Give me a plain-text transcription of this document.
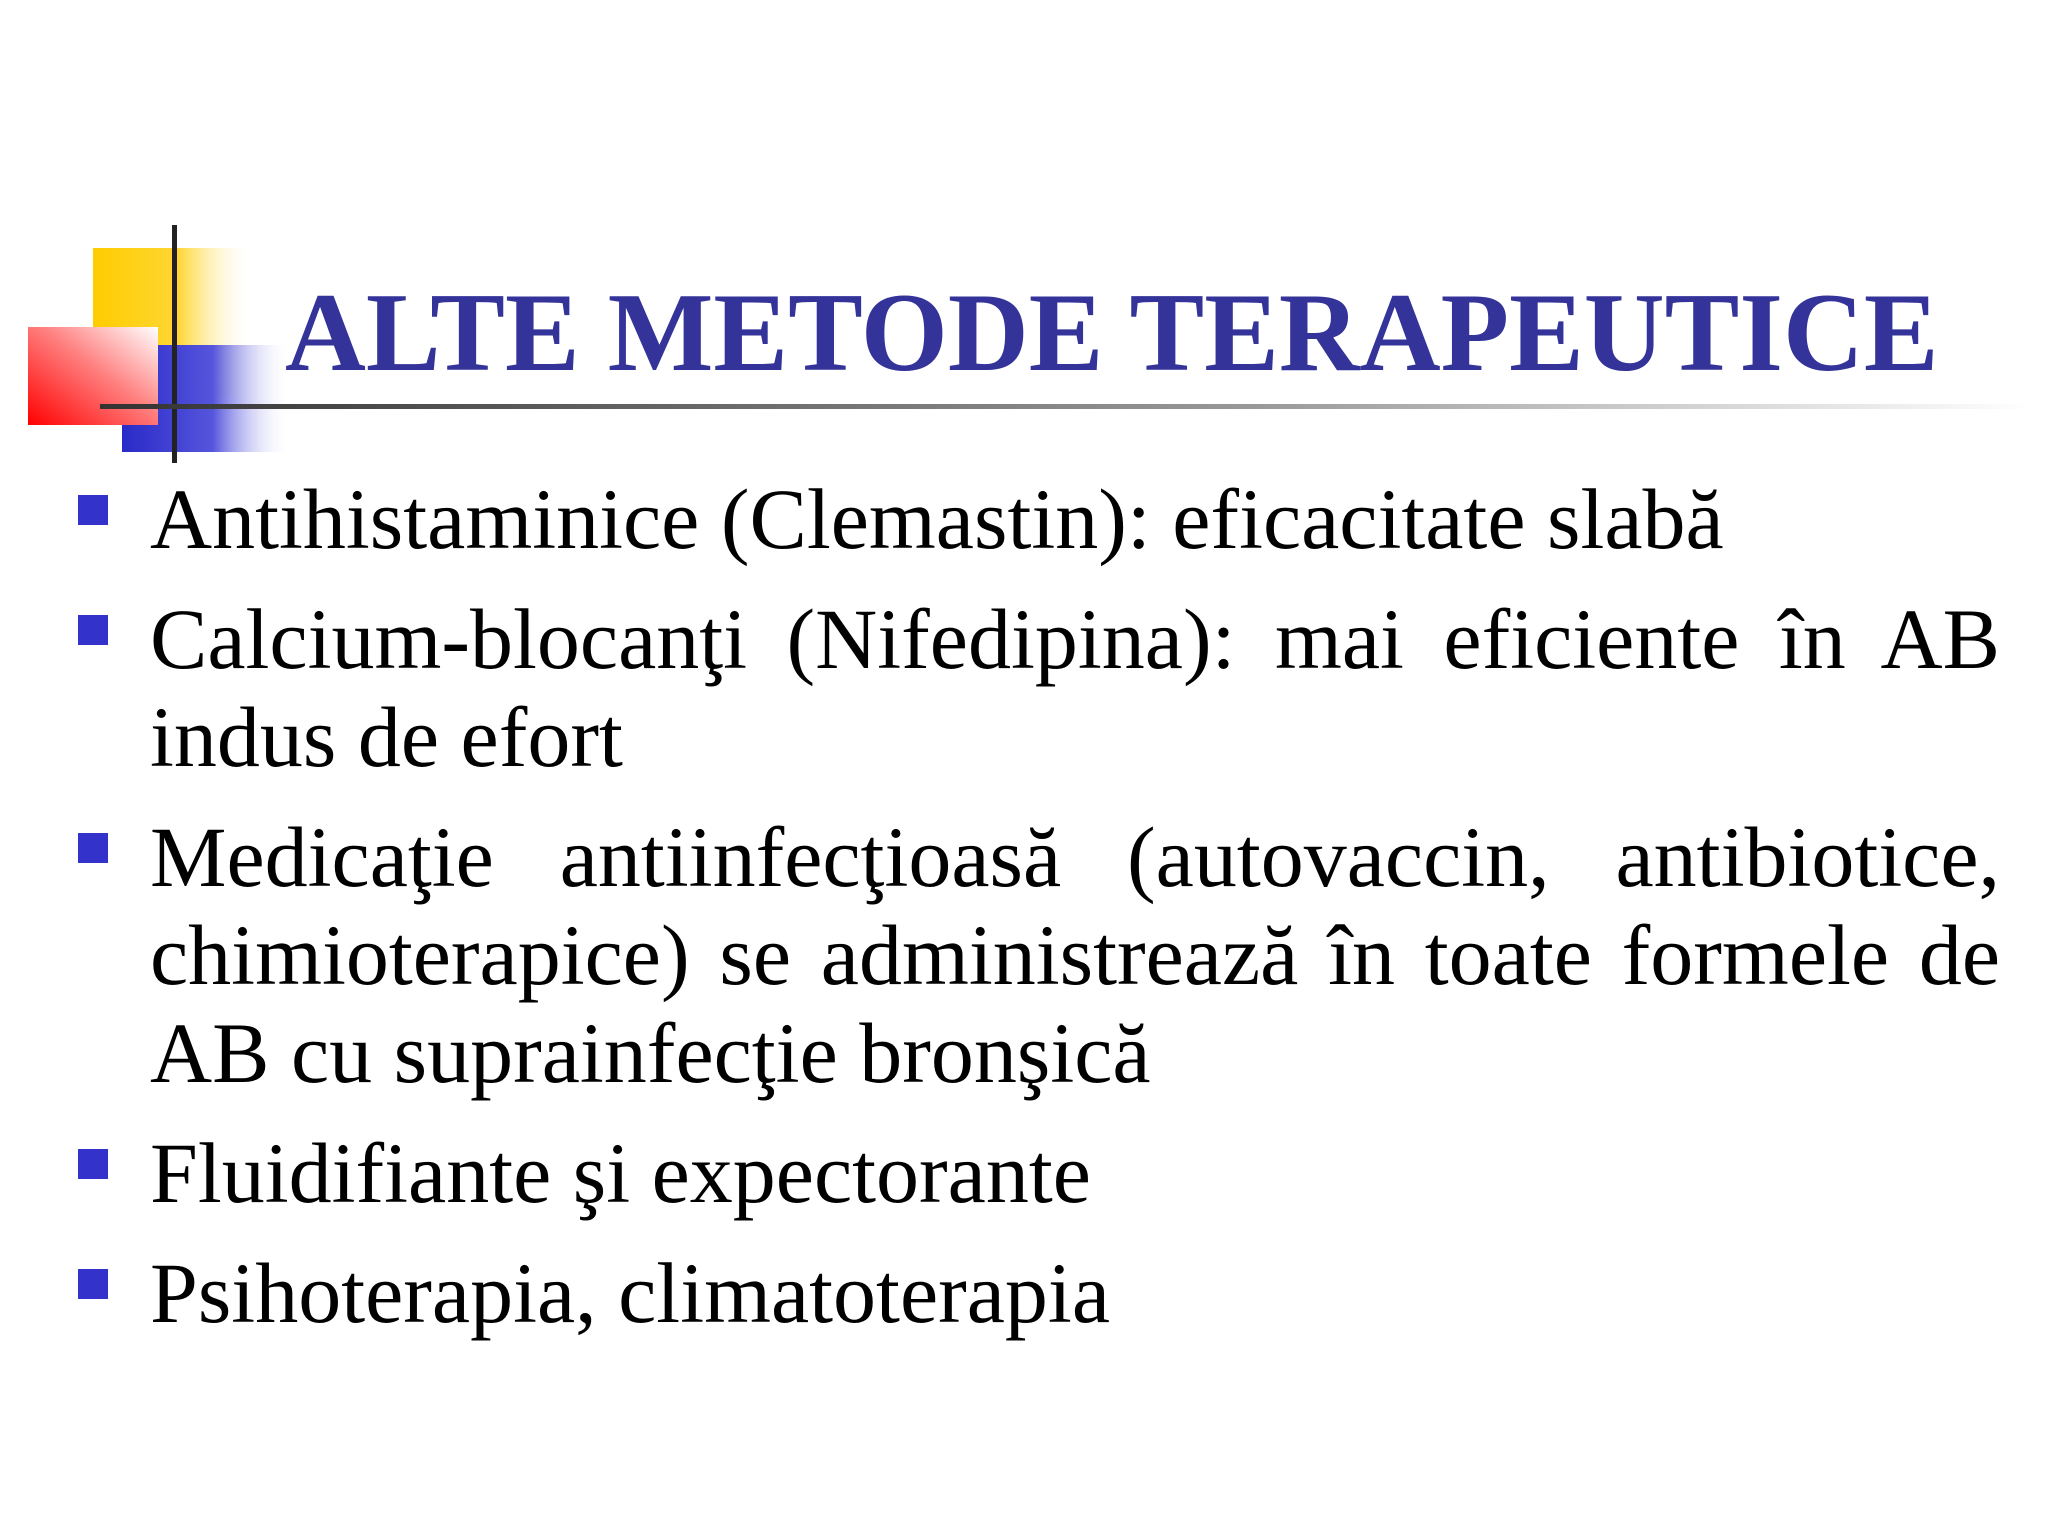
ALTE METODE TERAPEUTICE
Antihistaminice (Clemastin): eficacitate slabă
Calcium-blocanţi (Nifedipina): mai eficiente în AB indus de efort
Medicaţie antiinfecţioasă (autovaccin, antibiotice, chimioterapice) se administrează în toate formele de AB cu suprainfecţie bronşică
Fluidifiante şi expectorante
Psihoterapia, climatoterapia
